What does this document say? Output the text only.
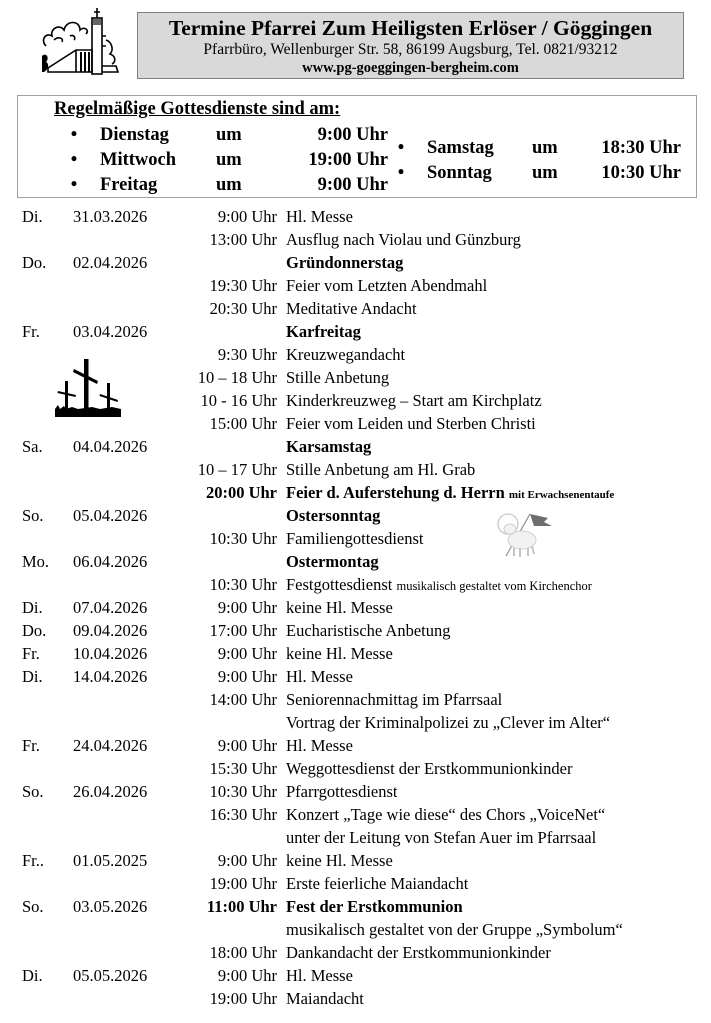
Termine Pfarrei Zum Heiligsten Erlöser / Göggingen
Pfarrbüro, Wellenburger Str. 58, 86199 Augsburg, Tel. 0821/93212
www.pg-goeggingen-bergheim.com
Regelmäßige Gottesdienste sind am:
• Dienstag	um	9:00 Uhr
• Mittwoch um	19:00 Uhr
• Freitag	um	9:00 Uhr
• Samstag um 18:30 Uhr
• Sonntag um 10:30 Uhr
Di. 31.03.2026	9:00 Uhr Hl. Messe
13:00 Uhr Ausflug nach Violau und Günzburg
Do. 02.04.2026	Gründonnerstag
19:30 Uhr Feier vom Letzten Abendmahl
20:30 Uhr Meditative Andacht
Fr. 03.04.2026	Karfreitag
9:30 Uhr Kreuzwegandacht
10 – 18 Uhr Stille Anbetung
10 - 16 Uhr Kinderkreuzweg – Start am Kirchplatz
15:00 Uhr Feier vom Leiden und Sterben Christi
Sa. 04.04.2026	Karsamstag
10 – 17 Uhr Stille Anbetung am Hl. Grab
20:00 Uhr Feier d. Auferstehung d. Herrn mit Erwachsenentaufe
So. 05.04.2026	Ostersonntag
10:30 Uhr Familiengottesdienst
Mo. 06.04.2026	Ostermontag
10:30 Uhr Festgottesdienst musikalisch gestaltet vom Kirchenchor
Di. 07.04.2026	9:00 Uhr keine Hl. Messe
Do. 09.04.2026	17:00 Uhr Eucharistische Anbetung
Fr. 10.04.2026	9:00 Uhr keine Hl. Messe
Di. 14.04.2026	9:00 Uhr Hl. Messe
14:00 Uhr Seniorennachmittag im Pfarrsaal
Vortrag der Kriminalpolizei zu „Clever im Alter“
Fr. 24.04.2026	9:00 Uhr Hl. Messe
15:30 Uhr Weggottesdienst der Erstkommunionkinder
So. 26.04.2026	10:30 Uhr Pfarrgottesdienst
16:30 Uhr Konzert „Tage wie diese“ des Chors „VoiceNet“
unter der Leitung von Stefan Auer im Pfarrsaal
Fr.. 01.05.2025	9:00 Uhr keine Hl. Messe
19:00 Uhr Erste feierliche Maiandacht
So. 03.05.2026	11:00 Uhr Fest der Erstkommunion
musikalisch gestaltet von der Gruppe „Symbolum“
18:00 Uhr Dankandacht der Erstkommunionkinder
Di. 05.05.2026	9:00 Uhr Hl. Messe
19:00 Uhr Maiandacht
